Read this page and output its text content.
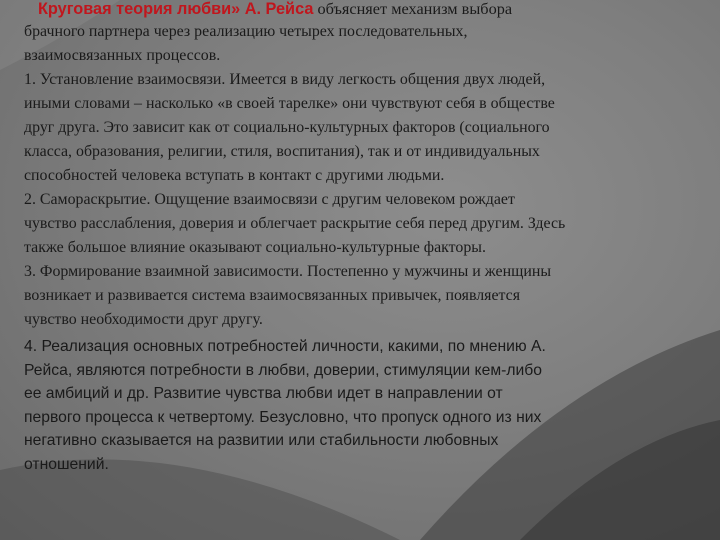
Круговая теория любви» А. Рейса объясняет механизм выбора

брачного партнера через реализацию четырех последовательных,

взаимосвязанных процессов.

1. Установление взаимосвязи. Имеется в виду легкость общения двух людей,

иными словами – насколько «в своей тарелке» они чувствуют себя в обществе

друг друга. Это зависит как от социально-культурных факторов (социального

класса, образования, религии, стиля, воспитания), так и от индивидуальных

способностей человека вступать в контакт с другими людьми.

2. Самораскрытие. Ощущение взаимосвязи с другим человеком рождает

чувство расслабления, доверия и облегчает раскрытие себя перед другим. Здесь

также большое влияние оказывают социально-культурные факторы.

3. Формирование взаимной зависимости. Постепенно у мужчины и женщины

возникает и развивается система взаимосвязанных привычек, появляется

чувство необходимости друг другу.

4. Реализация основных потребностей личности, какими, по мнению А.

Рейса, являются потребности в любви, доверии, стимуляции кем-либо

ее амбиций и др. Развитие чувства любви идет в направлении от

первого процесса к четвертому. Безусловно, что пропуск одного из них

негативно сказывается на развитии или стабильности любовных

отношений.
